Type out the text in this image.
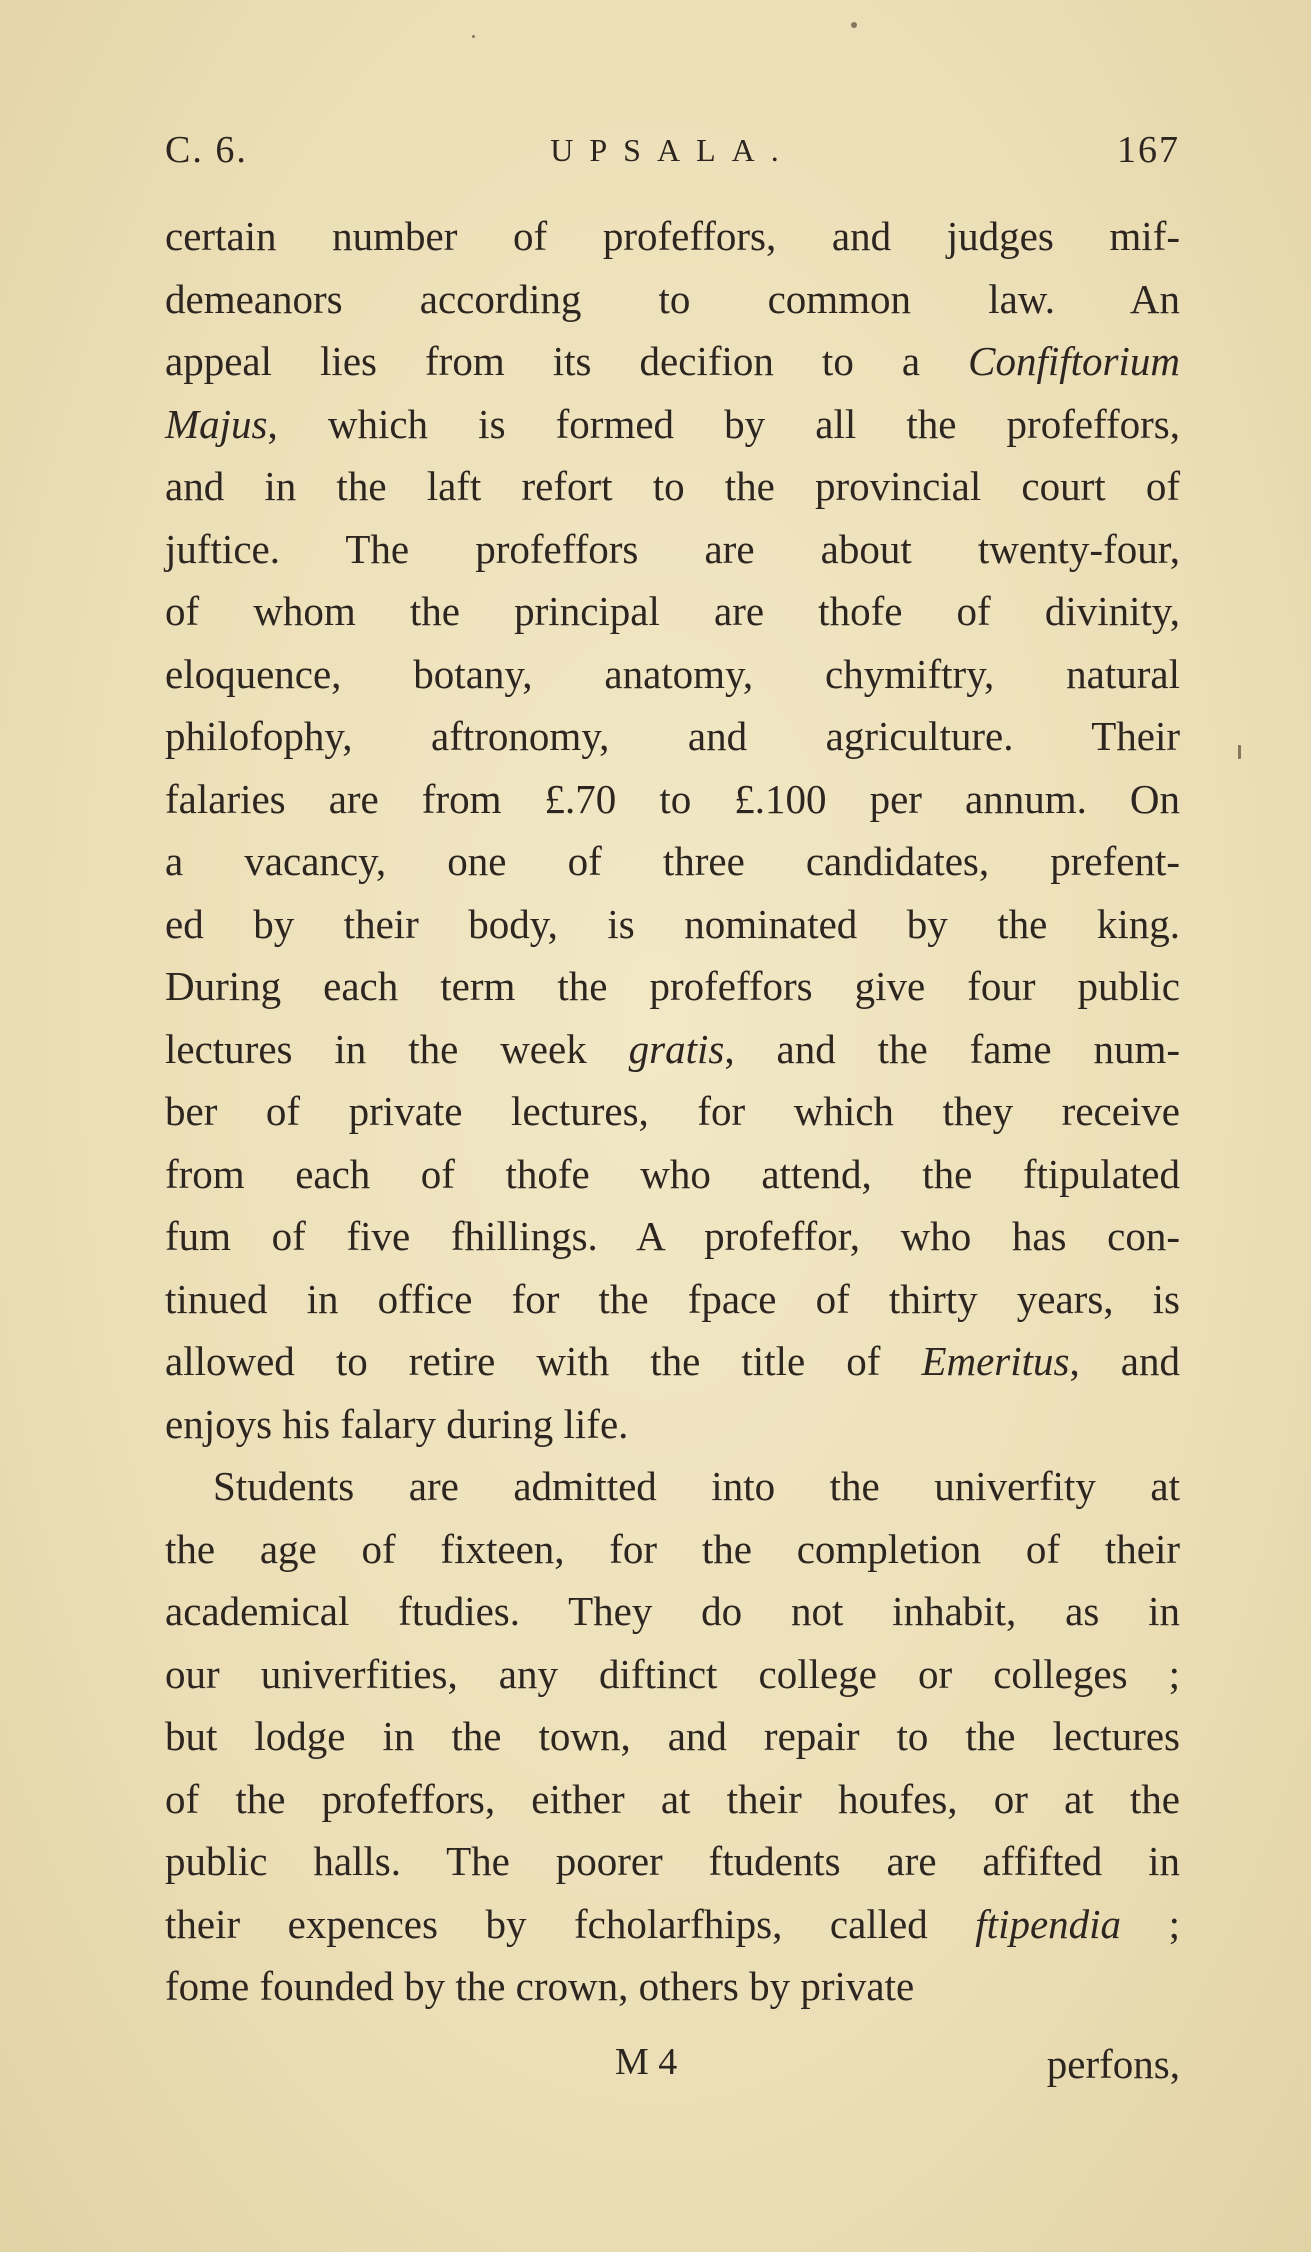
C. 6.	UPSALA.	167
certain number of profeffors, and judges mif-
demeanors according to common law. An
appeal lies from its decifion to a Confiftorium
Majus, which is formed by all the profeffors,
and in the laft refort to the provincial court of
juftice. The profeffors are about twenty-four,
of whom the principal are thofe of divinity,
eloquence, botany, anatomy, chymiftry, natural
philofophy, aftronomy, and agriculture. Their
falaries are from £.70 to £.100 per annum. On
a vacancy, one of three candidates, prefent-
ed by their body, is nominated by the king.
During each term the profeffors give four public
lectures in the week gratis, and the fame num-
ber of private lectures, for which they receive
from each of thofe who attend, the ftipulated
fum of five fhillings. A profeffor, who has con-
tinued in office for the fpace of thirty years, is
allowed to retire with the title of Emeritus, and
enjoys his falary during life.
Students are admitted into the univerfity at
the age of fixteen, for the completion of their
academical ftudies. They do not inhabit, as in
our univerfities, any diftinct college or colleges ;
but lodge in the town, and repair to the lectures
of the profeffors, either at their houfes, or at the
public halls. The poorer ftudents are affifted in
their expences by fcholarfhips, called ftipendia ;
fome founded by the crown, others by private
M 4	perfons,
